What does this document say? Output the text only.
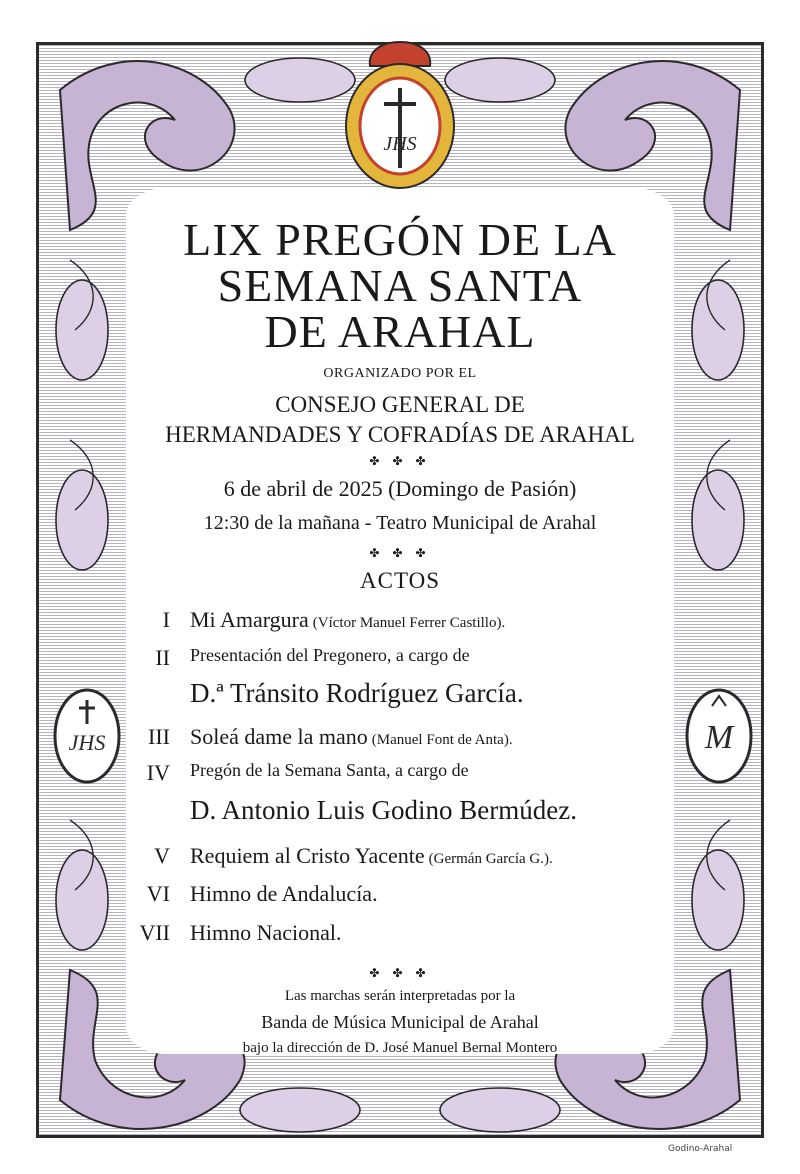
JHS
JHS	M
LIX PREGÓN DE LA
SEMANA SANTA
DE ARAHAL
ORGANIZADO POR EL
CONSEJO GENERAL DE
HERMANDADES Y COFRADÍAS DE ARAHAL
✤ ✤ ✤
6 de abril de 2025 (Domingo de Pasión)
12:30 de la mañana - Teatro Municipal de Arahal
✤ ✤ ✤
ACTOS
I Mi Amargura (Víctor Manuel Ferrer Castillo).
II Presentación del Pregonero, a cargo de
D.ª Tránsito Rodríguez García.
III Soleá dame la mano (Manuel Font de Anta).
IV Pregón de la Semana Santa, a cargo de
D. Antonio Luis Godino Bermúdez.
V Requiem al Cristo Yacente (Germán García G.).
VI Himno de Andalucía.
VII Himno Nacional.
✤ ✤ ✤
Las marchas serán interpretadas por la
Banda de Música Municipal de Arahal
bajo la dirección de D. José Manuel Bernal Montero
Godino-Arahal
